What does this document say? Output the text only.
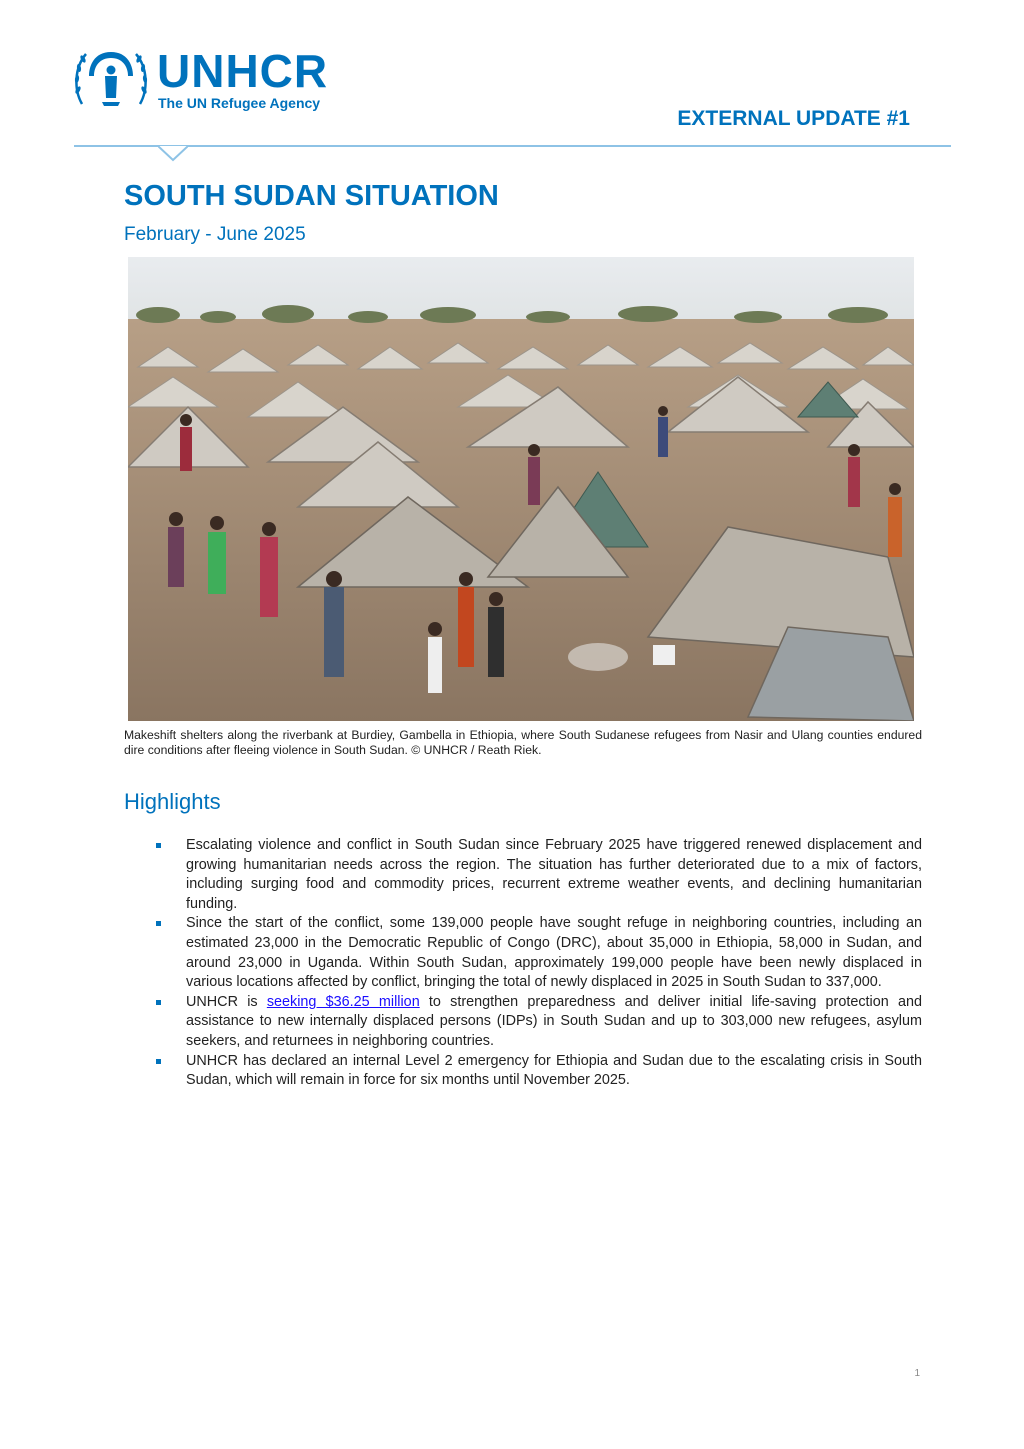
UNHCR
The UN Refugee Agency
EXTERNAL UPDATE #1
SOUTH SUDAN SITUATION
February - June 2025
Makeshift shelters along the riverbank at Burdiey, Gambella in Ethiopia, where South Sudanese refugees from Nasir and Ulang counties endured dire conditions after fleeing violence in South Sudan. © UNHCR / Reath Riek.
Highlights
Escalating violence and conflict in South Sudan since February 2025 have triggered renewed displacement and growing humanitarian needs across the region. The situation has further deteriorated due to a mix of factors, including surging food and commodity prices, recurrent extreme weather events, and declining humanitarian funding.
Since the start of the conflict, some 139,000 people have sought refuge in neighboring countries, including an estimated 23,000 in the Democratic Republic of Congo (DRC), about 35,000 in Ethiopia, 58,000 in Sudan, and around 23,000 in Uganda. Within South Sudan, approximately 199,000 people have been newly displaced in various locations affected by conflict, bringing the total of newly displaced in 2025 in South Sudan to 337,000.
UNHCR is seeking $36.25 million to strengthen preparedness and deliver initial life-saving protection and assistance to new internally displaced persons (IDPs) in South Sudan and up to 303,000 new refugees, asylum seekers, and returnees in neighboring countries.
UNHCR has declared an internal Level 2 emergency for Ethiopia and Sudan due to the escalating crisis in South Sudan, which will remain in force for six months until November 2025.
1
